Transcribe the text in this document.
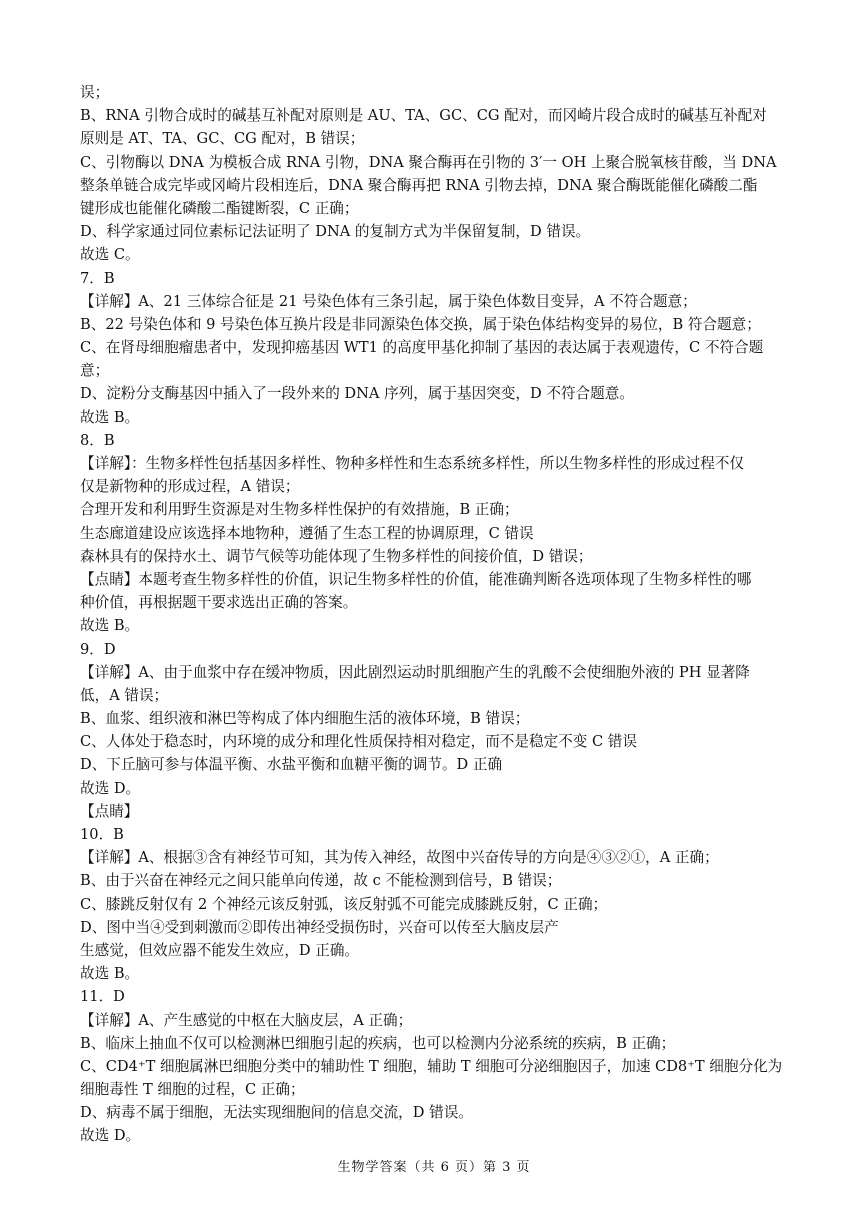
误；
B、RNA 引物合成时的碱基互补配对原则是 AU、TA、GC、CG 配对，而冈崎片段合成时的碱基互补配对
原则是 AT、TA、GC、CG 配对，B 错误；
C、引物酶以 DNA 为模板合成 RNA 引物，DNA 聚合酶再在引物的 3′一 OH 上聚合脱氧核苷酸，当 DNA
整条单链合成完毕或冈崎片段相连后，DNA 聚合酶再把 RNA 引物去掉，DNA 聚合酶既能催化磷酸二酯
键形成也能催化磷酸二酯键断裂，C 正确；
D、科学家通过同位素标记法证明了 DNA 的复制方式为半保留复制，D 错误。
故选 C。
7．B
【详解】A、21 三体综合征是 21 号染色体有三条引起，属于染色体数目变异，A 不符合题意；
B、22 号染色体和 9 号染色体互换片段是非同源染色体交换，属于染色体结构变异的易位，B 符合题意；
C、在肾母细胞瘤患者中，发现抑癌基因 WT1 的高度甲基化抑制了基因的表达属于表观遗传，C 不符合题
意；
D、淀粉分支酶基因中插入了一段外来的 DNA 序列，属于基因突变，D 不符合题意。
故选 B。
8．B
【详解】：生物多样性包括基因多样性、物种多样性和生态系统多样性，所以生物多样性的形成过程不仅
仅是新物种的形成过程，A 错误；
合理开发和利用野生资源是对生物多样性保护的有效措施，B 正确；
生态廊道建设应该选择本地物种，遵循了生态工程的协调原理，C 错误
森林具有的保持水土、调节气候等功能体现了生物多样性的间接价值，D 错误；
【点睛】本题考查生物多样性的价值，识记生物多样性的价值，能准确判断各选项体现了生物多样性的哪
种价值，再根据题干要求选出正确的答案。
故选 B。
9．D
【详解】A、由于血浆中存在缓冲物质，因此剧烈运动时肌细胞产生的乳酸不会使细胞外液的 PH 显著降
低，A 错误；
B、血浆、组织液和淋巴等构成了体内细胞生活的液体环境，B 错误；
C、人体处于稳态时，内环境的成分和理化性质保持相对稳定，而不是稳定不变 C 错误
D、下丘脑可参与体温平衡、水盐平衡和血糖平衡的调节。D 正确
故选 D。
【点睛】
10．B
【详解】A、根据③含有神经节可知，其为传入神经，故图中兴奋传导的方向是④③②①，A 正确；
B、由于兴奋在神经元之间只能单向传递，故 c 不能检测到信号，B 错误；
C、膝跳反射仅有 2 个神经元该反射弧，该反射弧不可能完成膝跳反射，C 正确；
D、图中当④受到刺激而②即传出神经受损伤时，兴奋可以传至大脑皮层产
生感觉，但效应器不能发生效应，D 正确。
故选 B。
11．D
【详解】A、产生感觉的中枢在大脑皮层，A 正确；
B、临床上抽血不仅可以检测淋巴细胞引起的疾病，也可以检测内分泌系统的疾病，B 正确；
C、CD4⁺T 细胞属淋巴细胞分类中的辅助性 T 细胞，辅助 T 细胞可分泌细胞因子，加速 CD8⁺T 细胞分化为
细胞毒性 T 细胞的过程，C 正确；
D、病毒不属于细胞，无法实现细胞间的信息交流，D 错误。
故选 D。
生物学答案（共 6 页）第 3 页
